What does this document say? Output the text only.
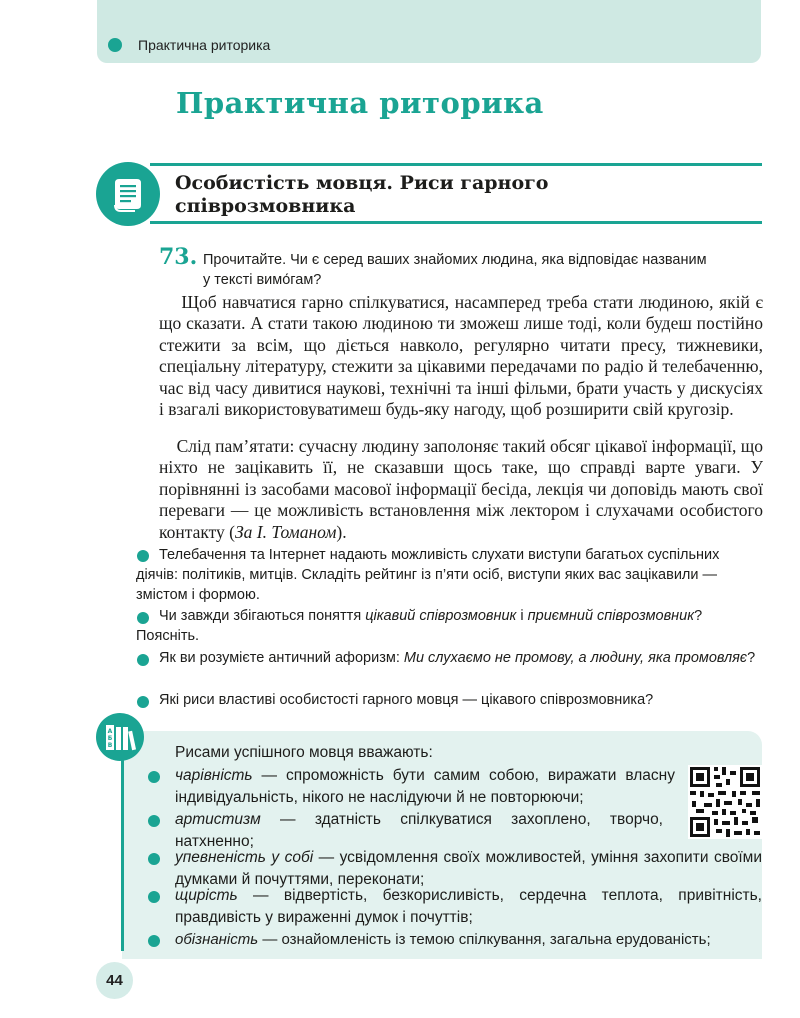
Практична риторика
Практична риторика
Особистість мовця. Риси гарного
співрозмовника
73. Прочитайте. Чи є серед ваших знайомих людина, яка відповідає названим
у тексті вимо́гам?
Щоб навчатися гарно спілкуватися, насамперед треба стати людиною, якій є що сказати. А стати такою людиною ти зможеш лише тоді, коли будеш постійно стежити за всім, що діється навколо, регулярно читати пресу, тижневики, спеціальну літературу, стежити за цікавими передачами по радіо й телебаченню, час від часу дивитися наукові, технічні та інші фільми, брати участь у дискусіях і взагалі використовуватимеш будь-яку нагоду, щоб розширити свій кругозір.
Слід пам’ятати: сучасну людину заполоняє такий обсяг цікавої інформації, що ніхто не зацікавить її, не сказавши щось таке, що справді варте уваги. У порівнянні із засобами масової інформації бесіда, лекція чи доповідь мають свої переваги — це можливість встановлення між лектором і слухачами особистого контакту (За І. Томаном).
Телебачення та Інтернет надають можливість слухати виступи багатьох суспільних діячів: політиків, митців. Складіть рейтинг із п’яти осіб, виступи яких вас зацікавили — змістом і формою.
Чи завжди збігаються поняття цікавий співрозмовник і приємний співрозмовник? Поясніть.
Як ви розумієте античний афоризм: Ми слухаємо не промову, а людину, яка промовляє?
Які риси властиві особистості гарного мовця — цікавого співрозмовника?
А
Б
В	Рисами успішного мовця вважають:
чарівність — спроможність бути самим собою, виражати власну індивідуальність, нікого не наслідуючи й не повторюючи;
артистизм — здатність спілкуватися захоплено, творчо, натхненно;
упевненість у собі — усвідомлення своїх можливостей, уміння захопити своїми думками й почуттями, переконати;
щирість — відвертість, безкорисливість, сердечна теплота, привітність, правдивість у вираженні думок і почуттів;
обізнаність — ознайомленість із темою спілкування, загальна ерудованість;
44
